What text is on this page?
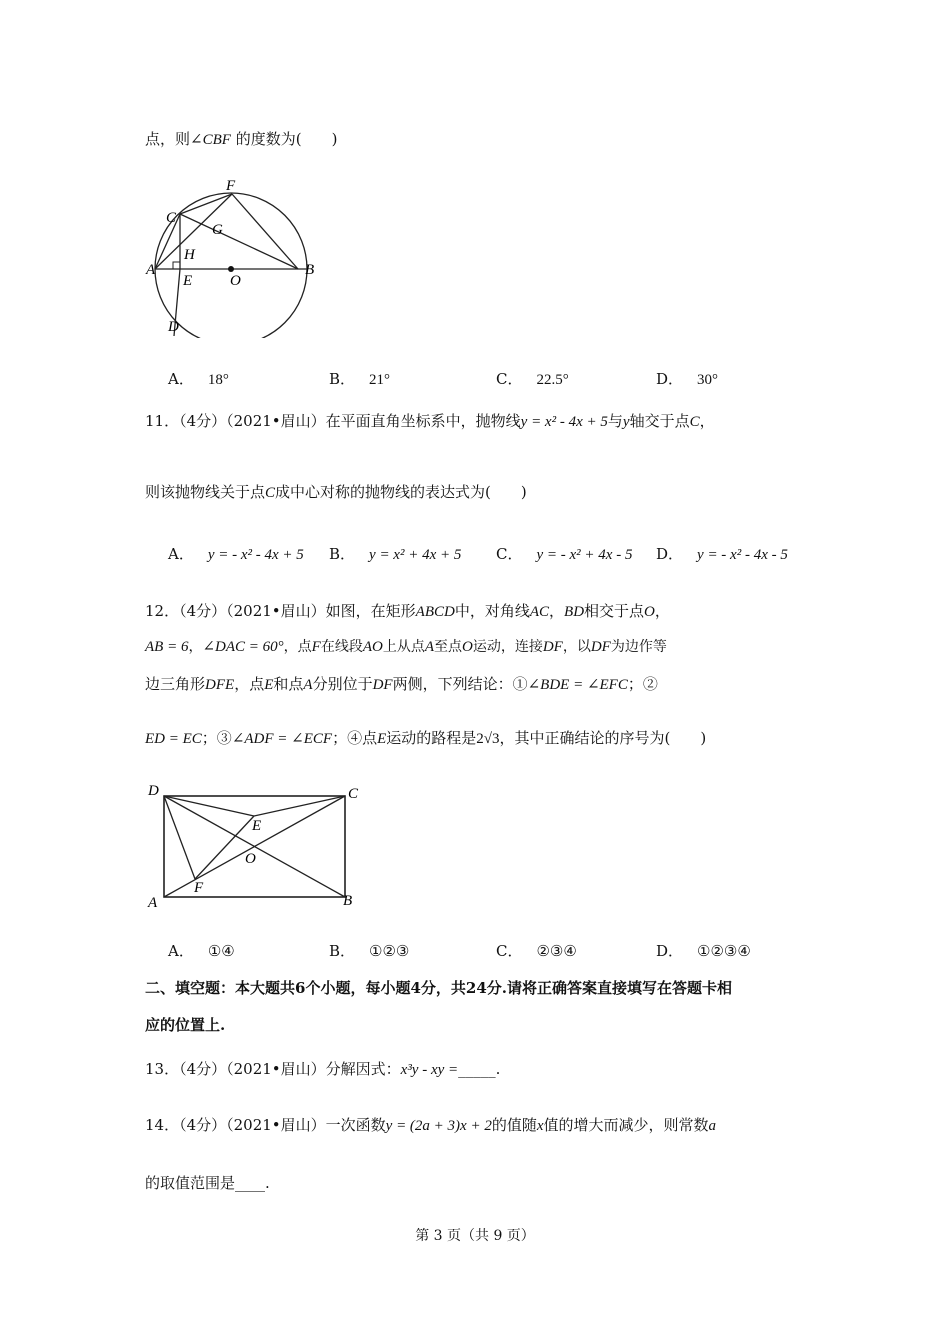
点，则∠CBF 的度数为(　　)
F
C
G
H
A
E	O
B
D
A． 18°	B． 21°	C． 22.5°	D． 30°
11．（4分）（2021•眉山）在平面直角坐标系中，抛物线y = x² - 4x + 5与y轴交于点C，
则该抛物线关于点C成中心对称的抛物线的表达式为(　　)
A． y = - x² - 4x + 5 B． y = x² + 4x + 5 C． y = - x² + 4x - 5 D． y = - x² - 4x - 5
12．（4分）（2021•眉山）如图，在矩形ABCD中，对角线AC，BD相交于点O，
AB = 6，∠DAC = 60°，点F在线段AO上从点A至点O运动，连接DF，以DF为边作等
边三角形DFE，点E和点A分别位于DF两侧，下列结论：①∠BDE = ∠EFC；②
ED = EC；③∠ADF = ∠ECF；④点E运动的路程是2√3，其中正确结论的序号为(　　)
D	C
E
O
F
A	B
A． ①④	B． ①②③	C． ②③④	D． ①②③④
二、填空题：本大题共6个小题，每小题4分，共24分.请将正确答案直接填写在答题卡相
应的位置上.
13．（4分）（2021•眉山）分解因式：x³y - xy =_____.
14．（4分）（2021•眉山）一次函数y = (2a + 3)x + 2的值随x值的增大而减少，则常数a
的取值范围是____.
第 3 页（共 9 页）
